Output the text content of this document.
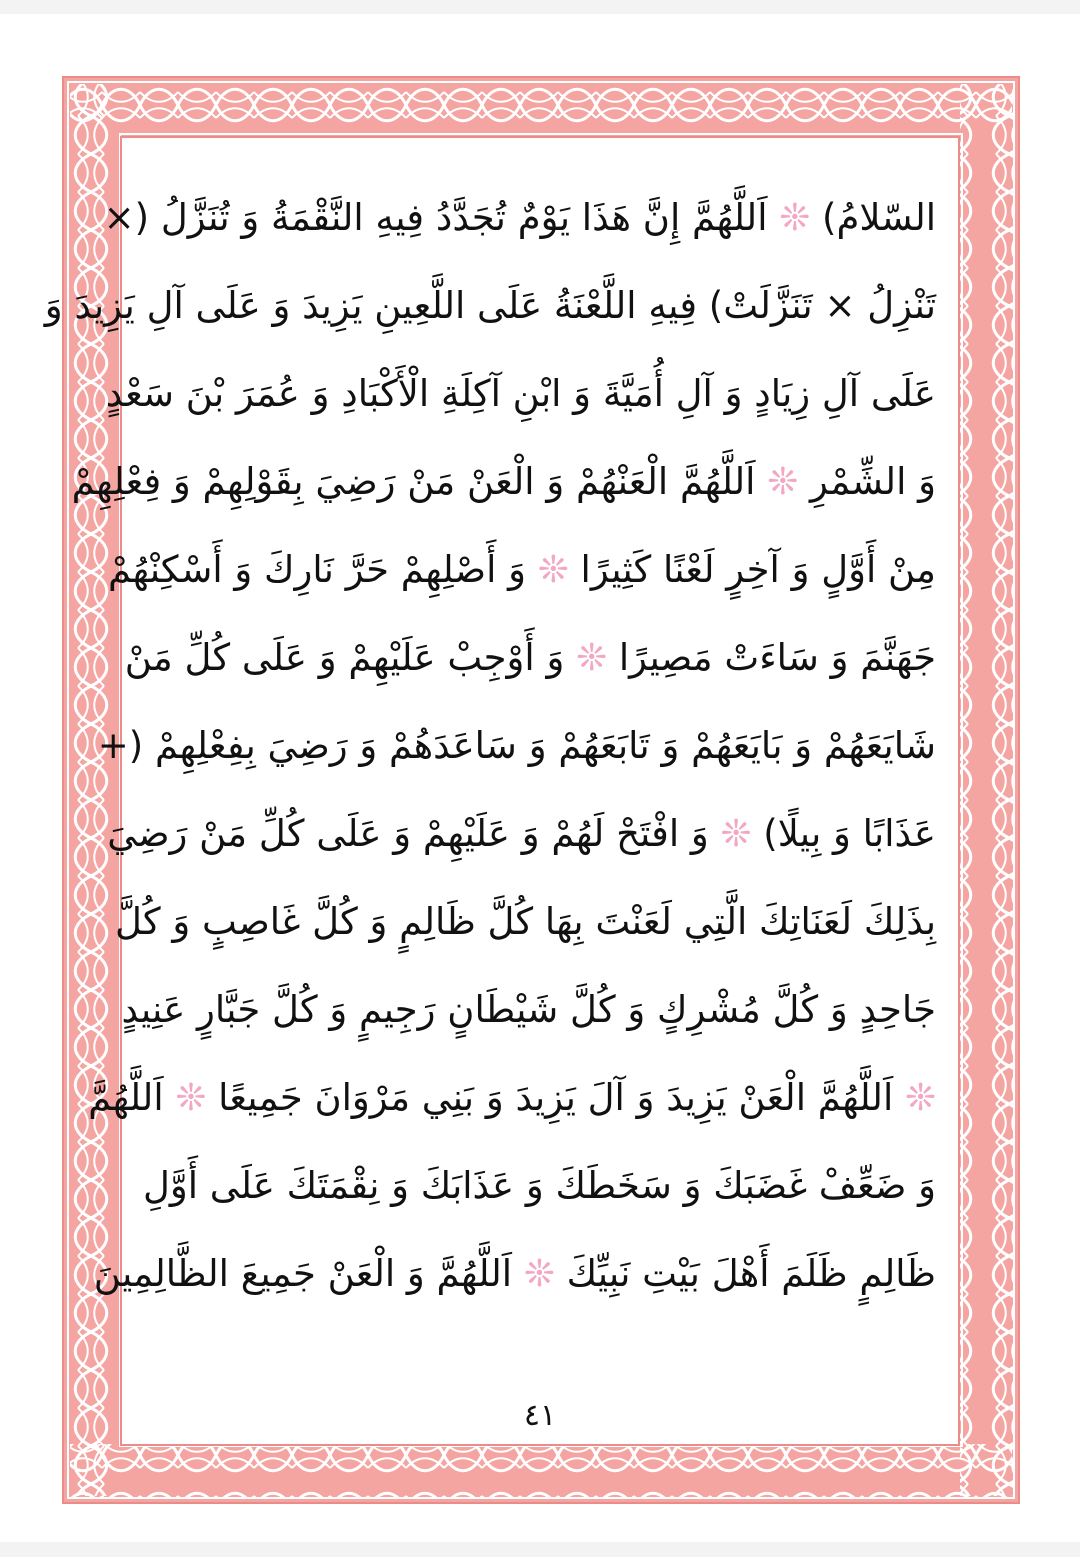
السّلامُ) ❊ اَللَّهُمَّ إِنَّ هَذَا يَوْمٌ تُجَدَّدُ فِيهِ النَّقْمَةُ وَ تُنَزَّلُ (×
تَنْزِلُ × تَنَزَّلَتْ) فِيهِ اللَّعْنَةُ عَلَى اللَّعِينِ يَزِيدَ وَ عَلَى آلِ يَزِيدَ وَ
عَلَى آلِ زِيَادٍ وَ آلِ أُمَيَّةَ وَ ابْنِ آكِلَةِ الْأَكْبَادِ وَ عُمَرَ بْنَ سَعْدٍ
وَ الشِّمْرِ ❊ اَللَّهُمَّ الْعَنْهُمْ وَ الْعَنْ مَنْ رَضِيَ بِقَوْلِهِمْ وَ فِعْلِهِمْ
مِنْ أَوَّلٍ وَ آخِرٍ لَعْنًا كَثِيرًا ❊ وَ أَصْلِهِمْ حَرَّ نَارِكَ وَ أَسْكِنْهُمْ
جَهَنَّمَ وَ سَاءَتْ مَصِيرًا ❊ وَ أَوْجِبْ عَلَيْهِمْ وَ عَلَى كُلِّ مَنْ
شَايَعَهُمْ وَ بَايَعَهُمْ وَ تَابَعَهُمْ وَ سَاعَدَهُمْ وَ رَضِيَ بِفِعْلِهِمْ (+
عَذَابًا وَ بِيلًا) ❊ وَ افْتَحْ لَهُمْ وَ عَلَيْهِمْ وَ عَلَى كُلِّ مَنْ رَضِيَ
بِذَلِكَ لَعَنَاتِكَ الَّتِي لَعَنْتَ بِهَا كُلَّ ظَالِمٍ وَ كُلَّ غَاصِبٍ وَ كُلَّ
جَاحِدٍ وَ كُلَّ مُشْرِكٍ وَ كُلَّ شَيْطَانٍ رَجِيمٍ وَ كُلَّ جَبَّارٍ عَنِيدٍ
❊ اَللَّهُمَّ الْعَنْ يَزِيدَ وَ آلَ يَزِيدَ وَ بَنِي مَرْوَانَ جَمِيعًا ❊ اَللَّهُمَّ
وَ ضَعِّفْ غَضَبَكَ وَ سَخَطَكَ وَ عَذَابَكَ وَ نِقْمَتَكَ عَلَى أَوَّلِ
ظَالِمٍ ظَلَمَ أَهْلَ بَيْتِ نَبِيِّكَ ❊ اَللَّهُمَّ وَ الْعَنْ جَمِيعَ الظَّالِمِينَ
٤١
